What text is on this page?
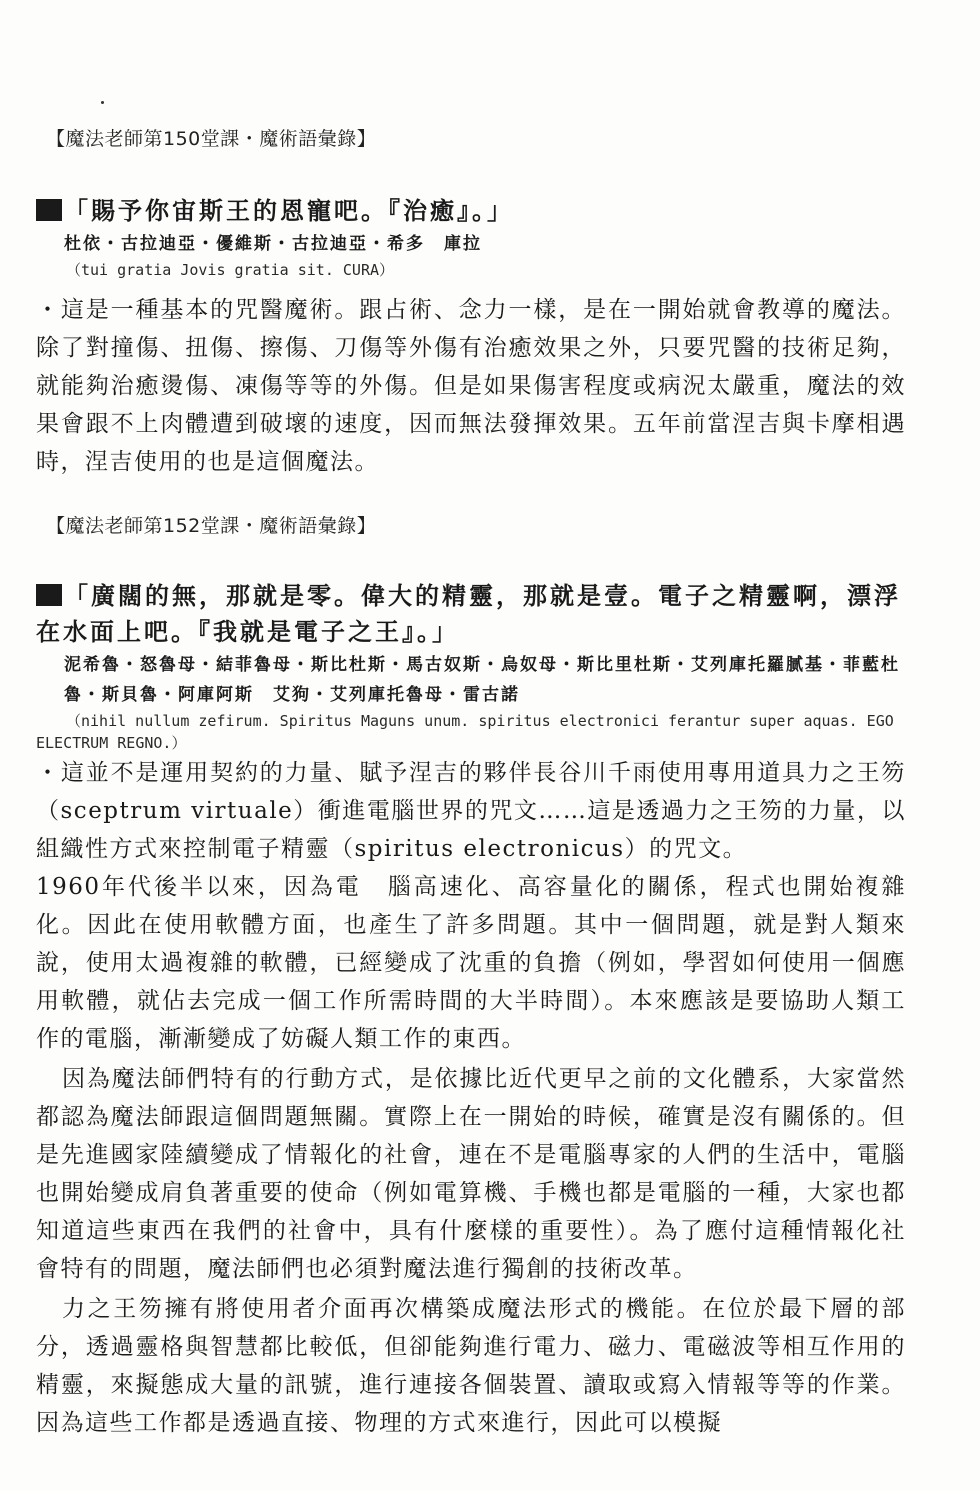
【魔法老師第150堂課・魔術語彙錄】
「賜予你宙斯王的恩寵吧。『治癒』。」

杜依・古拉迪亞・優維斯・古拉迪亞・希多　庫拉

（tui gratia Jovis gratia sit. CURA）

・這是一種基本的咒醫魔術。跟占術、念力一樣，是在一開始就會教導的魔法。除了對撞傷、扭傷、擦傷、刀傷等外傷有治癒效果之外，只要咒醫的技術足夠，就能夠治癒燙傷、凍傷等等的外傷。但是如果傷害程度或病況太嚴重，魔法的效果會跟不上肉體遭到破壞的速度，因而無法發揮效果。五年前當涅吉與卡摩相遇時，涅吉使用的也是這個魔法。

【魔法老師第152堂課・魔術語彙錄】
「廣闊的無，那就是零。偉大的精靈，那就是壹。電子之精靈啊，漂浮在水面上吧。『我就是電子之王』。」

泥希魯・怒魯母・結菲魯母・斯比杜斯・馬古奴斯・烏奴母・斯比里杜斯・艾列庫托羅腻基・菲藍杜魯・斯貝魯・阿庫阿斯　艾狗・艾列庫托魯母・雷古諾

（nihil nullum zefirum. Spiritus Maguns unum. spiritus electronici ferantur super aquas. EGO ELECTRUM REGNO.）

・這並不是運用契約的力量、賦予涅吉的夥伴長谷川千雨使用專用道具力之王笏（sceptrum virtuale）衝進電腦世界的咒文……這是透過力之王笏的力量，以組織性方式來控制電子精靈（spiritus electronicus）的咒文。

1960年代後半以來，因為電　腦高速化、高容量化的關係，程式也開始複雜化。因此在使用軟體方面，也產生了許多問題。其中一個問題，就是對人類來說，使用太過複雜的軟體，已經變成了沈重的負擔（例如，學習如何使用一個應用軟體，就佔去完成一個工作所需時間的大半時間）。本來應該是要協助人類工作的電腦，漸漸變成了妨礙人類工作的東西。

因為魔法師們特有的行動方式，是依據比近代更早之前的文化體系，大家當然都認為魔法師跟這個問題無關。實際上在一開始的時候，確實是沒有關係的。但是先進國家陸續變成了情報化的社會，連在不是電腦專家的人們的生活中，電腦也開始變成肩負著重要的使命（例如電算機、手機也都是電腦的一種，大家也都知道這些東西在我們的社會中，具有什麼樣的重要性）。為了應付這種情報化社會特有的問題，魔法師們也必須對魔法進行獨創的技術改革。

力之王笏擁有將使用者介面再次構築成魔法形式的機能。在位於最下層的部分，透過靈格與智慧都比較低，但卻能夠進行電力、磁力、電磁波等相互作用的精靈，來擬態成大量的訊號，進行連接各個裝置、讀取或寫入情報等等的作業。因為這些工作都是透過直接、物理的方式來進行，因此可以模擬
